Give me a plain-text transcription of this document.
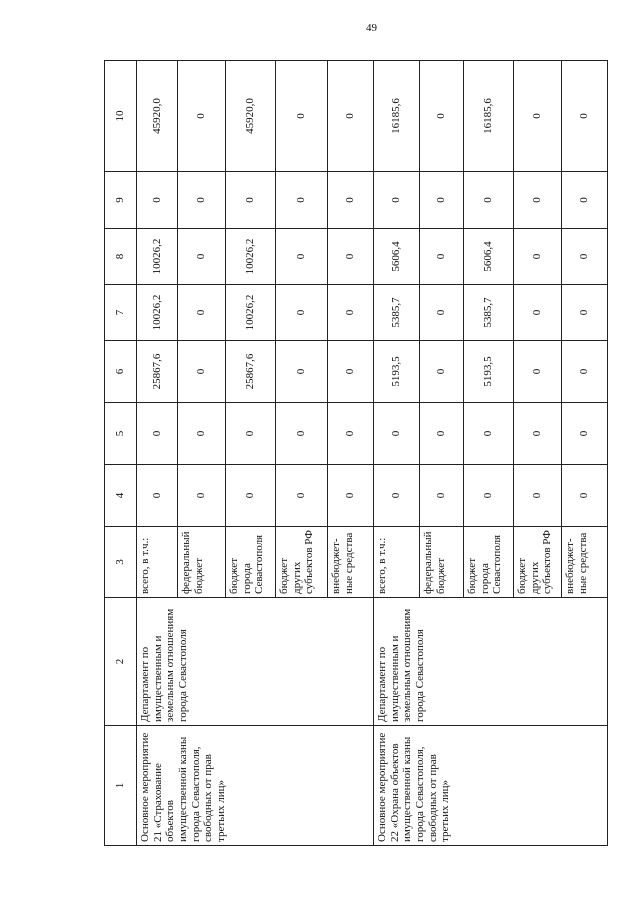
49
1	2	3	4	5	6	7	8	9	10
Основное мероприятие 21 «Страхование объектов имущественной казны города Севастополя, свободных от прав третьих лиц»	Департамент по имущественным и земельным отношениям города Севастополя	всего, в т.ч.:	0	0	25867,6	10026,2	10026,2	0	45920,0
		федеральный бюджет	0	0	0	0	0	0	0
		бюджет города Севастополя	0	0	25867,6	10026,2	10026,2	0	45920,0
		бюджет других субъектов РФ	0	0	0	0	0	0	0
		внебюджет-ные средства	0	0	0	0	0	0	0
Основное мероприятие 22 «Охрана объектов имущественной казны города Севастополя, свободных от прав третьих лиц»	Департамент по имущественным и земельным отношениям города Севастополя	всего, в т.ч.:	0	0	5193,5	5385,7	5606,4	0	16185,6
		федеральный бюджет	0	0	0	0	0	0	0
		бюджет города Севастополя	0	0	5193,5	5385,7	5606,4	0	16185,6
		бюджет других субъектов РФ	0	0	0	0	0	0	0
		внебюджет-ные средства	0	0	0	0	0	0	0
